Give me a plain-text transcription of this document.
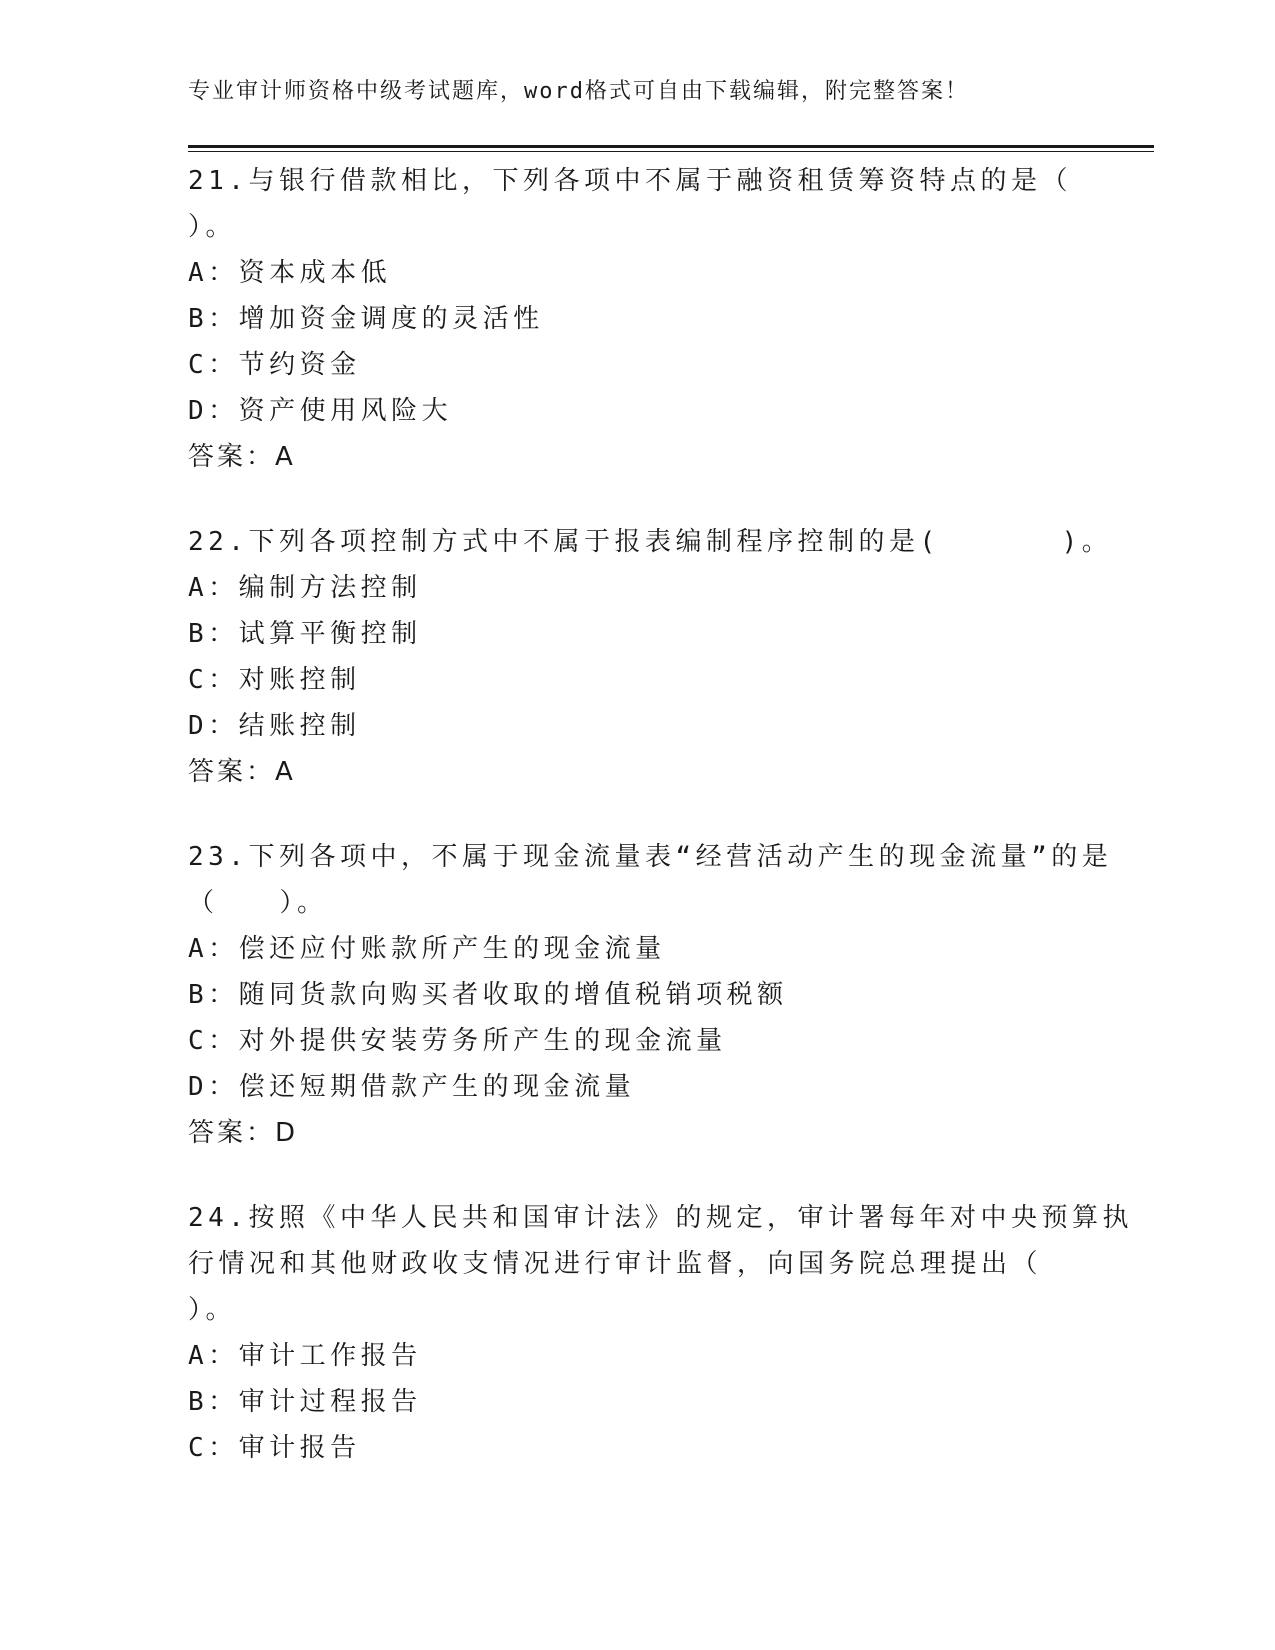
专业审计师资格中级考试题库，word格式可自由下载编辑，附完整答案！
21.与银行借款相比，下列各项中不属于融资租赁筹资特点的是（
）。
A：资本成本低
B：增加资金调度的灵活性
C：节约资金
D：资产使用风险大
答案：A
22.下列各项控制方式中不属于报表编制程序控制的是(　　　　)。
A：编制方法控制
B：试算平衡控制
C：对账控制
D：结账控制
答案：A
23.下列各项中，不属于现金流量表“经营活动产生的现金流量”的是
（　　）。
A：偿还应付账款所产生的现金流量
B：随同货款向购买者收取的增值税销项税额
C：对外提供安装劳务所产生的现金流量
D：偿还短期借款产生的现金流量
答案：D
24.按照《中华人民共和国审计法》的规定，审计署每年对中央预算执
行情况和其他财政收支情况进行审计监督，向国务院总理提出（
）。
A：审计工作报告
B：审计过程报告
C：审计报告
